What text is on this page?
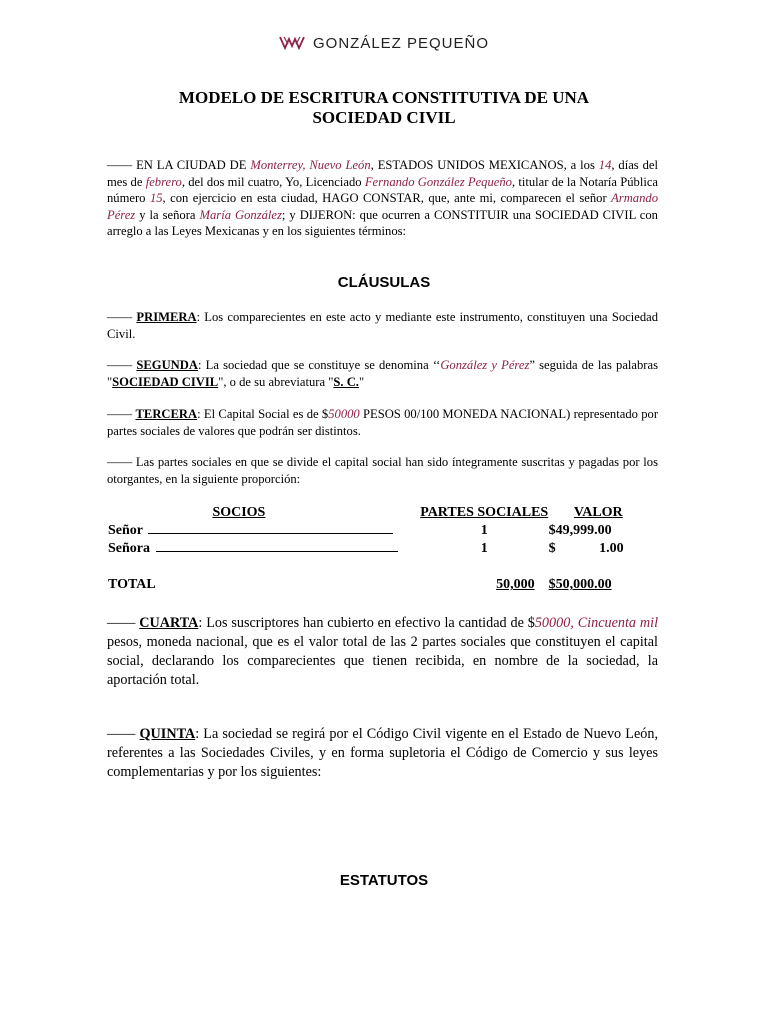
GONZÁLEZ PEQUEÑO
MODELO DE ESCRITURA CONSTITUTIVA DE UNA
SOCIEDAD CIVIL
—— EN LA CIUDAD DE Monterrey, Nuevo León, ESTADOS UNIDOS MEXICANOS, a los 14, días del mes de febrero, del dos mil cuatro, Yo, Licenciado Fernando González Pequeño, titular de la Notaría Pública número 15, con ejercicio en esta ciudad, HAGO CONSTAR, que, ante mi, comparecen el señor Armando Pérez y la señora María González; y DIJERON: que ocurren a CONSTITUIR una SOCIEDAD CIVIL con arreglo a las Leyes Mexicanas y en los siguientes términos:
CLÁUSULAS
—— PRIMERA: Los comparecientes en este acto y mediante este instrumento, constituyen una Sociedad Civil.
—— SEGUNDA: La sociedad que se constituye se denomina ‘‘González y Pérez” seguida de las palabras "SOCIEDAD CIVIL", o de su abreviatura "S. C."
—— TERCERA: El Capital Social es de $50000 PESOS 00/100 MONEDA NACIONAL) representado por partes sociales de valores que podrán ser distintos.
—— Las partes sociales en que se divide el capital social han sido íntegramente suscritas y pagadas por los otorgantes, en la siguiente proporción:
SOCIOS	PARTES SOCIALES	VALOR
Señor	1	$49,999.00
Señora	1	$ 1.00

TOTAL	50,000	$50,000.00
—— CUARTA: Los suscriptores han cubierto en efectivo la cantidad de $50000, Cincuenta mil pesos, moneda nacional, que es el valor total de las 2 partes sociales que constituyen el capital social, declarando los comparecientes que tienen recibida, en nombre de la sociedad, la aportación total.
—— QUINTA: La sociedad se regirá por el Código Civil vigente en el Estado de Nuevo León, referentes a las Sociedades Civiles, y en forma supletoria el Código de Comercio y sus leyes complementarias y por los siguientes:
ESTATUTOS
